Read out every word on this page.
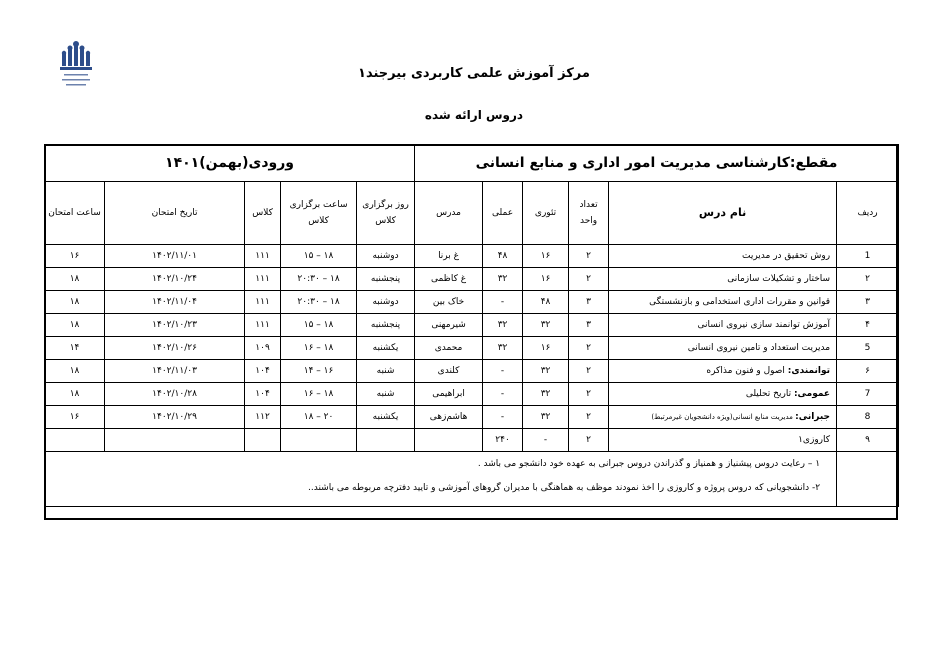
مرکز آموزش علمی کاربردی بیرجند۱
دروس ارائه شده
مقطع:کارشناسی مدیریت امور اداری و منابع انسانی						ورودی(بهمن)۱۴۰۱				
ردیف	نام درس	تعداد واحد	تئوری	عملی	مدرس	روز برگزاری کلاس	ساعت برگزاری کلاس	کلاس	تاریخ امتحان	ساعت امتحان
1	روش تحقیق در مدیریت	۲	۱۶	۴۸	غ برنا	دوشنبه	۱۸ – ۱۵	۱۱۱	۱۴۰۲/۱۱/۰۱	۱۶
۲	ساختار و تشکیلات سازمانی	۲	۱۶	۳۲	غ کاظمی	پنجشنبه	۱۸ – ۲۰:۳۰	۱۱۱	۱۴۰۲/۱۰/۲۴	۱۸
۳	قوانین و مقررات اداری استخدامی و بازنشستگی	۳	۴۸	-	خاک بین	دوشنبه	۱۸ – ۲۰:۳۰	۱۱۱	۱۴۰۲/۱۱/۰۴	۱۸
۴	آموزش توانمند سازی نیروی انسانی	۳	۳۲	۳۲	شیرمهنی	پنجشنبه	۱۸ – ۱۵	۱۱۱	۱۴۰۲/۱۰/۲۳	۱۸
5	مدیریت استعداد و تامین نیروی انسانی	۲	۱۶	۳۲	محمدی	یکشنبه	۱۸ – ۱۶	۱۰۹	۱۴۰۲/۱۰/۲۶	۱۴
۶	توانمندی: اصول و فنون مذاکره	۲	۳۲	-	کلندی	شنبه	۱۶ – ۱۴	۱۰۴	۱۴۰۲/۱۱/۰۳	۱۸
7	عمومی: تاریخ تحلیلی	۲	۳۲	-	ابراهیمی	شنبه	۱۸ – ۱۶	۱۰۴	۱۴۰۲/۱۰/۲۸	۱۸
8	جبرانی: مدیریت منابع انسانی(ویژه دانشجویان غیرمرتبط)	۲	۳۲	-	هاشم‌زهی	یکشنبه	۲۰ – ۱۸	۱۱۲	۱۴۰۲/۱۰/۲۹	۱۶
۹	کاروزی۱	۲	-	۲۴۰						

	۱ – رعایت دروس پیشنیاز و همنیاز و گذراندن دروس جبرانی به عهده خود دانشجو می باشد .
۲- دانشجویانی که دروس پروژه و کاروزی را اخذ نمودند موظف به هماهنگی با مدیران گروهای آموزشی و تایید دفترچه مربوطه می باشند..									
